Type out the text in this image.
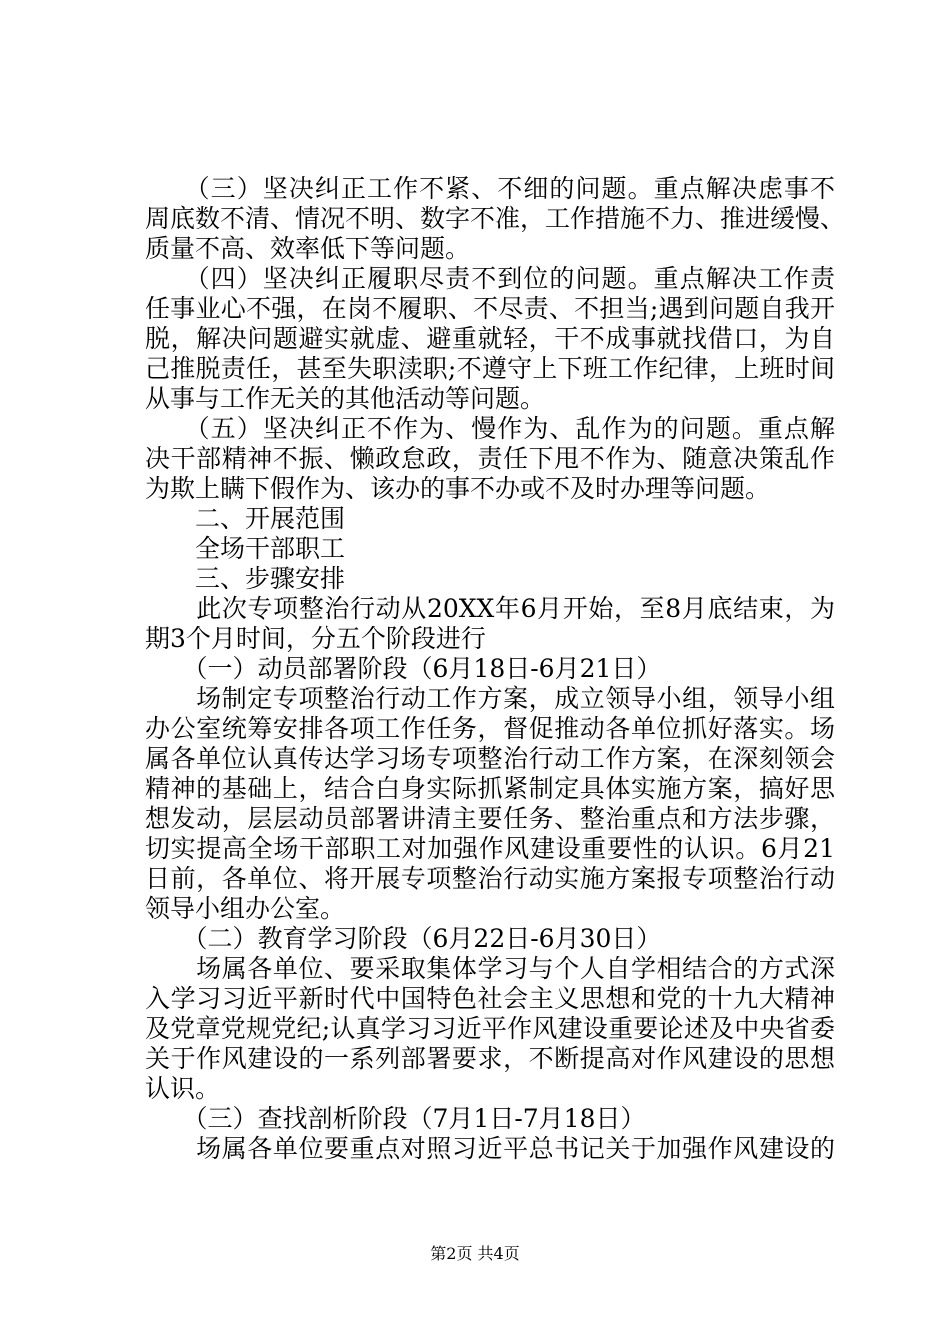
　　（三）坚决纠正工作不紧、不细的问题。重点解决虑事不
周底数不清、情况不明、数字不准，工作措施不力、推进缓慢、
质量不高、效率低下等问题。
　　（四）坚决纠正履职尽责不到位的问题。重点解决工作责
任事业心不强，在岗不履职、不尽责、不担当;遇到问题自我开
脱，解决问题避实就虚、避重就轻，干不成事就找借口，为自
己推脱责任，甚至失职渎职;不遵守上下班工作纪律，上班时间
从事与工作无关的其他活动等问题。
　　（五）坚决纠正不作为、慢作为、乱作为的问题。重点解
决干部精神不振、懒政怠政，责任下甩不作为、随意决策乱作
为欺上瞒下假作为、该办的事不办或不及时办理等问题。
　　二、开展范围
　　全场干部职工
　　三、步骤安排
　　此次专项整治行动从20XX年6月开始，至8月底结束，为
期3个月时间，分五个阶段进行
　　（一）动员部署阶段（6月18日-6月21日）
　　场制定专项整治行动工作方案，成立领导小组，领导小组
办公室统筹安排各项工作任务，督促推动各单位抓好落实。场
属各单位认真传达学习场专项整治行动工作方案，在深刻领会
精神的基础上，结合白身实际抓紧制定具体实施方案，搞好思
想发动，层层动员部署讲清主要任务、整治重点和方法步骤，
切实提高全场干部职工对加强作风建设重要性的认识。6月21
日前，各单位、将开展专项整治行动实施方案报专项整治行动
领导小组办公室。
　　（二）教育学习阶段（6月22日-6月30日）
　　场属各单位、要采取集体学习与个人自学相结合的方式深
入学习习近平新时代中国特色社会主义思想和党的十九大精神
及党章党规党纪;认真学习习近平作风建设重要论述及中央省委
关于作风建设的一系列部署要求，不断提高对作风建设的思想
认识。
　　（三）查找剖析阶段（7月1日-7月18日）
　　场属各单位要重点对照习近平总书记关于加强作风建设的
第2页 共4页
